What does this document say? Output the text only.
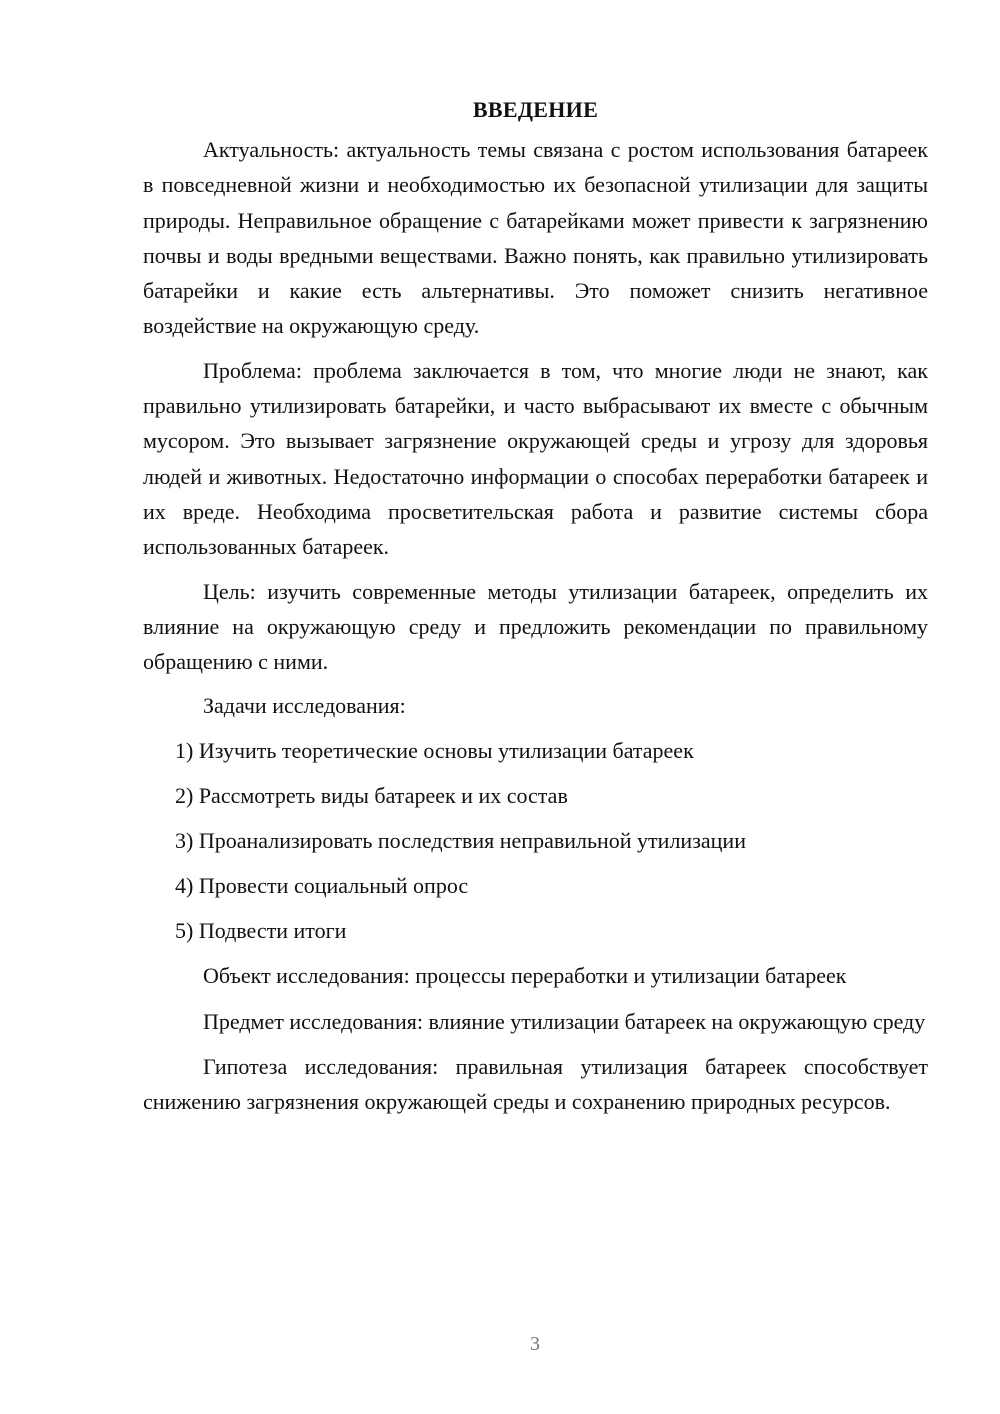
ВВЕДЕНИЕ

Актуальность: актуальность темы связана с ростом использования батареек в повседневной жизни и необходимостью их безопасной утилизации для защиты природы. Неправильное обращение с батарейками может привести к загрязнению почвы и воды вредными веществами. Важно понять, как правильно утилизировать батарейки и какие есть альтернативы. Это поможет снизить негативное воздействие на окружающую среду.

Проблема: проблема заключается в том, что многие люди не знают, как правильно утилизировать батарейки, и часто выбрасывают их вместе с обычным мусором. Это вызывает загрязнение окружающей среды и угрозу для здоровья людей и животных. Недостаточно информации о способах переработки батареек и их вреде. Необходима просветительская работа и развитие системы сбора использованных батареек.

Цель: изучить современные методы утилизации батареек, определить их влияние на окружающую среду и предложить рекомендации по правильному обращению с ними.

Задачи исследования:

1) Изучить теоретические основы утилизации батареек
2) Рассмотреть виды батареек и их состав
3) Проанализировать последствия неправильной утилизации
4) Провести социальный опрос
5) Подвести итоги

Объект исследования: процессы переработки и утилизации батареек

Предмет исследования: влияние утилизации батареек на окружающую среду

Гипотеза исследования: правильная утилизация батареек способствует снижению загрязнения окружающей среды и сохранению природных ресурсов.

3
